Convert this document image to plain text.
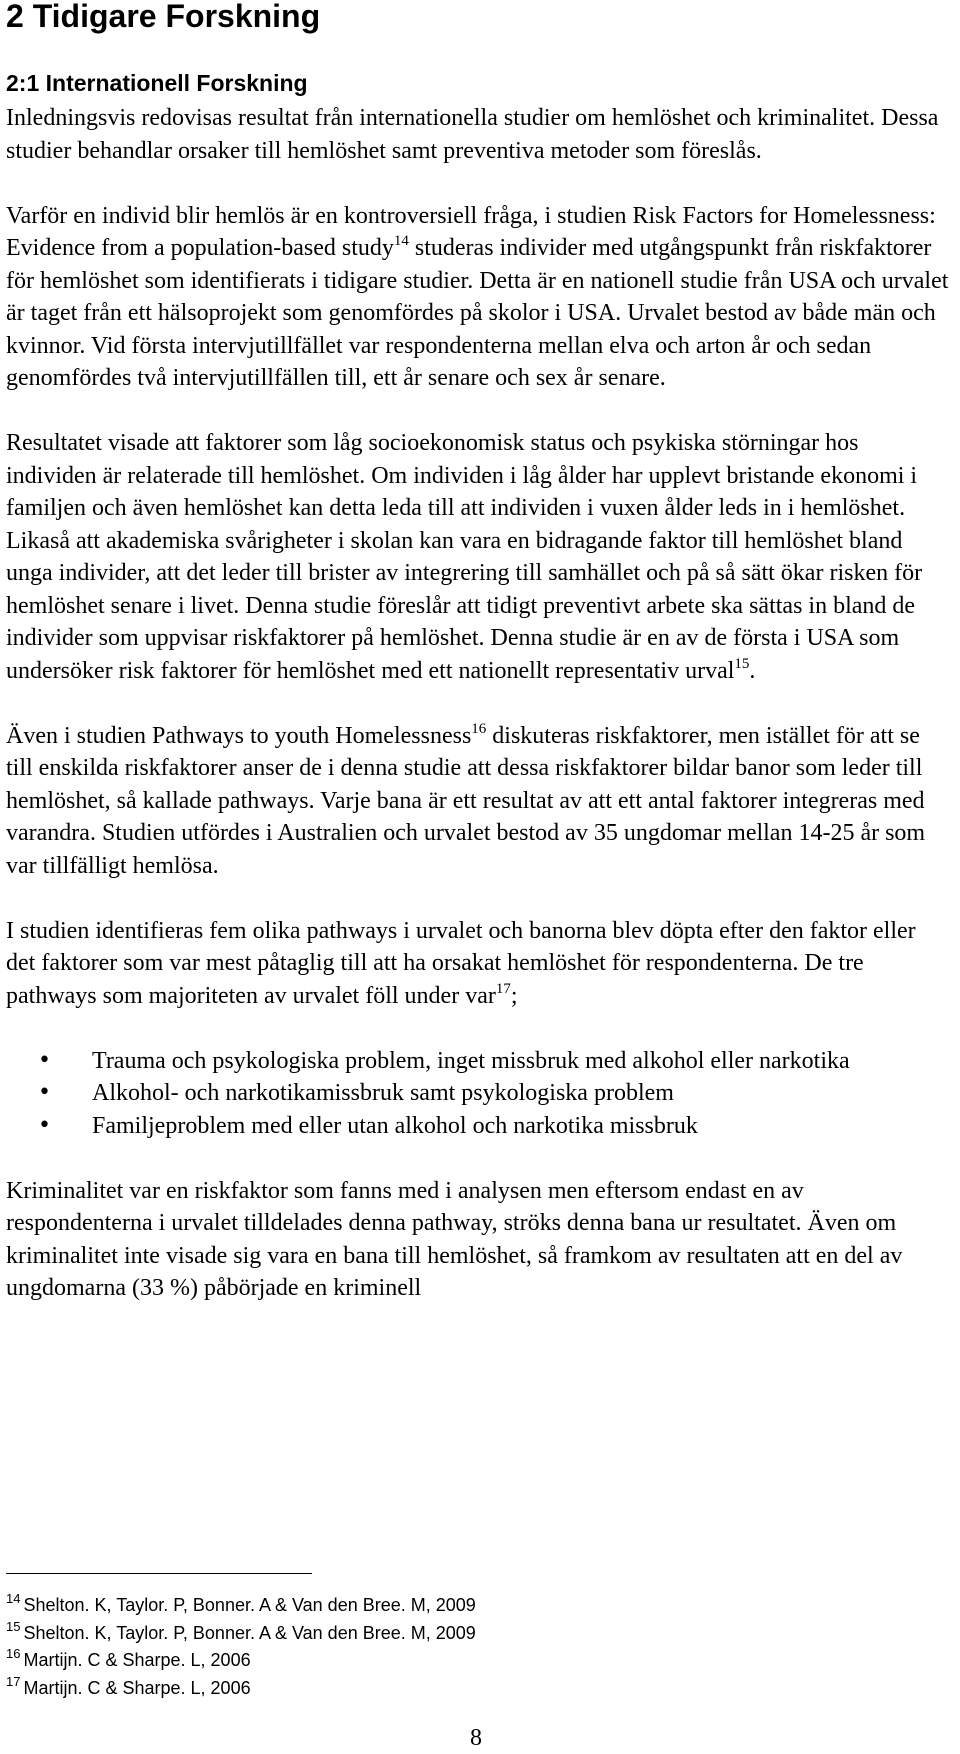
2 Tidigare Forskning
2:1 Internationell Forskning

Inledningsvis redovisas resultat från internationella studier om hemlöshet och kriminalitet. Dessa studier behandlar orsaker till hemlöshet samt preventiva metoder som föreslås.

Varför en individ blir hemlös är en kontroversiell fråga, i studien Risk Factors for Homelessness: Evidence from a population-based study$^{14}$ studeras individer med utgångspunkt från riskfaktorer för hemlöshet som identifierats i tidigare studier. Detta är en nationell studie från USA och urvalet är taget från ett hälsoprojekt som genomfördes på skolor i USA. Urvalet bestod av både män och kvinnor. Vid första intervjutillfället var respondenterna mellan elva och arton år och sedan genomfördes två intervjutillfällen till, ett år senare och sex år senare.

Resultatet visade att faktorer som låg socioekonomisk status och psykiska störningar hos individen är relaterade till hemlöshet. Om individen i låg ålder har upplevt bristande ekonomi i familjen och även hemlöshet kan detta leda till att individen i vuxen ålder leds in i hemlöshet. Likaså att akademiska svårigheter i skolan kan vara en bidragande faktor till hemlöshet bland unga individer, att det leder till brister av integrering till samhället och på så sätt ökar risken för hemlöshet senare i livet. Denna studie föreslår att tidigt preventivt arbete ska sättas in bland de individer som uppvisar riskfaktorer på hemlöshet. Denna studie är en av de första i USA som undersöker risk faktorer för hemlöshet med ett nationellt representativ urval$^{15}$.

Även i studien Pathways to youth Homelessness$^{16}$ diskuteras riskfaktorer, men istället för att se till enskilda riskfaktorer anser de i denna studie att dessa riskfaktorer bildar banor som leder till hemlöshet, så kallade pathways. Varje bana är ett resultat av att ett antal faktorer integreras med varandra. Studien utfördes i Australien och urvalet bestod av 35 ungdomar mellan 14-25 år som var tillfälligt hemlösa.

I studien identifieras fem olika pathways i urvalet och banorna blev döpta efter den faktor eller det faktorer som var mest påtaglig till att ha orsakat hemlöshet för respondenterna. De tre pathways som majoriteten av urvalet föll under var$^{17}$;

• Trauma och psykologiska problem, inget missbruk med alkohol eller narkotika
• Alkohol- och narkotikamissbruk samt psykologiska problem
• Familjeproblem med eller utan alkohol och narkotika missbruk

Kriminalitet var en riskfaktor som fanns med i analysen men eftersom endast en av respondenterna i urvalet tilldelades denna pathway, ströks denna bana ur resultatet. Även om kriminalitet inte visade sig vara en bana till hemlöshet, så framkom av resultaten att en del av ungdomarna (33 %) påbörjade en kriminell

$^{14}$ Shelton. K, Taylor. P, Bonner. A & Van den Bree. M, 2009
$^{15}$ Shelton. K, Taylor. P, Bonner. A & Van den Bree. M, 2009
$^{16}$ Martijn. C & Sharpe. L, 2006
$^{17}$ Martijn. C & Sharpe. L, 2006
8
